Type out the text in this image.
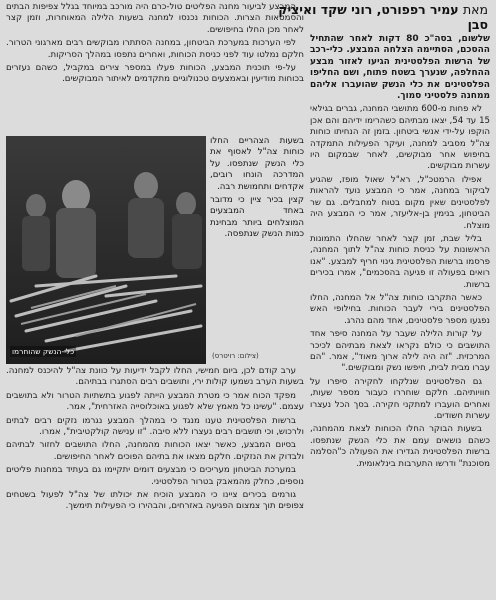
מאת עמיר רפפורט, רוני שקד ואיציק סבן

שלשום, בסה"כ 80 דקות לאחר שהתחיל ההסכם, הסתיימה הצלחה המבצע. כלי-רכב של הרשות הפלסטינית הגיעו לאזור מבצע ההחלפה, שנערך בשטח פתוח, ושם החליפו הפלסטינים את כלי הנשק שהועברו אליהם ממחנה פלסטיני סמוך.

לא פחות מ-600 מתושבי המחנה, גברים בגילאי 15 עד 54, יצאו מבתיהם כשהרימו ידיהם והם אכן הוקפו על-ידי אנשי ביטחון. בזמן זה הנחיתו כוחות צה"ל מסביב למחנה, ועיקר הפעילות התמקדה בחיפוש אחר מבוקשים, לאחר שבמקום היו עשרות מבוקשים.

אפילו הרמטכ"ל, רא"ל שאול מופז, שהגיע לביקור במחנה, אמר כי המבצע נועד להראות לפלסטינים שאין מקום בטוח למחבלים. גם שר הביטחון, בנימין בן-אליעזר, אמר כי המבצע היה מוצלח.

בליל שבת, זמן קצר לאחר שהחלו התמונות הראשונות על כניסת כוחות צה"ל לתוך המחנה, פרסמו ברשות הפלסטינית גינוי חריף למבצע. "אנו רואים בפעולה זו פגיעה בהסכמים", אמרו בכירים ברשות.

כאשר התקרבו כוחות צה"ל אל המחנה, החלו הפלסטינים בירי לעבר הכוחות. בחילופי האש נפגעו מספר פלסטינים, אחד מהם נהרג.

על קורות הלילה שעבר על המחנה סיפר אחד התושבים כי כולם נקראו לצאת מבתיהם לכיכר המרכזית. "זה היה לילה ארוך מאוד", אמר. "הם עברו מבית לבית, חיפשו נשק ומבוקשים."

גם הפלסטינים שנלקחו לחקירה סיפרו על חוויותיהם. חלקם שוחררו כעבור מספר שעות, ואחרים הועברו למתקני חקירה. בסך הכל נעצרו עשרות חשודים.

בשעות הבוקר החלו הכוחות לצאת מהמחנה, כשהם נושאים עמם את כלי הנשק שנתפסו. ברשות הפלסטינית הגדירו את הפעולה כ"הסלמה מסוכנת" ודרשו התערבות בינלאומית.

המבצע לביעור מחנה הפליטים טול-כרם היה מורכב במיוחד בגלל צפיפות הבתים והסמטאות הצרות. הכוחות נכנסו למחנה בשעות הלילה המאוחרות, וזמן קצר לאחר מכן החלו בחיפושים.

לפי הערכות במערכת הביטחון, במחנה הסתתרו מבוקשים רבים מארגוני הטרור. חלקם נמלטו עוד לפני כניסת הכוחות, ואחרים נתפסו במהלך הסריקות.

על-פי תוכנית המבצע, הכוחות פעלו במספר צירים במקביל, כשהם נעזרים בכוחות מודיעין ובאמצעים טכנולוגיים מתקדמים לאיתור המבוקשים.

כלי-הנשק שהוחרמו

בשעות הצהריים החלו כוחות צה"ל לאסוף את כלי הנשק שנתפסו. על המדרכה הונחו רובים, אקדחים ותחמושת רבה.

קצין בכיר ציין כי מדובר באחד המבצעים המוצלחים ביותר מבחינת כמות הנשק שנתפסה.

(צילום: רויטרס)

ערב קודם לכן, ביום חמישי, החלו לקבל ידיעות על כוונת צה"ל להיכנס למחנה. בשעות הערב נשמעו קולות ירי, ותושבים רבים הסתגרו בבתיהם.

מפקד הכוח אמר כי מטרת המבצע הייתה לפגוע בתשתיות הטרור ולא בתושבים עצמם. "עשינו כל מאמץ שלא לפגוע באוכלוסייה האזרחית", אמר.

ברשות הפלסטינית טענו מנגד כי במהלך המבצע נגרמו נזקים רבים לבתים ולרכוש, וכי תושבים רבים נעצרו ללא סיבה. "זו ענישה קולקטיבית", אמרו.

בסיום המבצע, כאשר יצאו הכוחות מהמחנה, החלו התושבים לחזור לבתיהם ולבדוק את הנזקים. חלקם מצאו את בתיהם הפוכים לאחר החיפושים.

במערכת הביטחון מעריכים כי מבצעים דומים יתקיימו גם בעתיד במחנות פליטים נוספים, כחלק מהמאבק בטרור הפלסטיני.

גורמים בכירים ציינו כי המבצע הוכיח את יכולתו של צה"ל לפעול בשטחים צפופים תוך צמצום הפגיעה באזרחים, והבהירו כי הפעילות תימשך.
